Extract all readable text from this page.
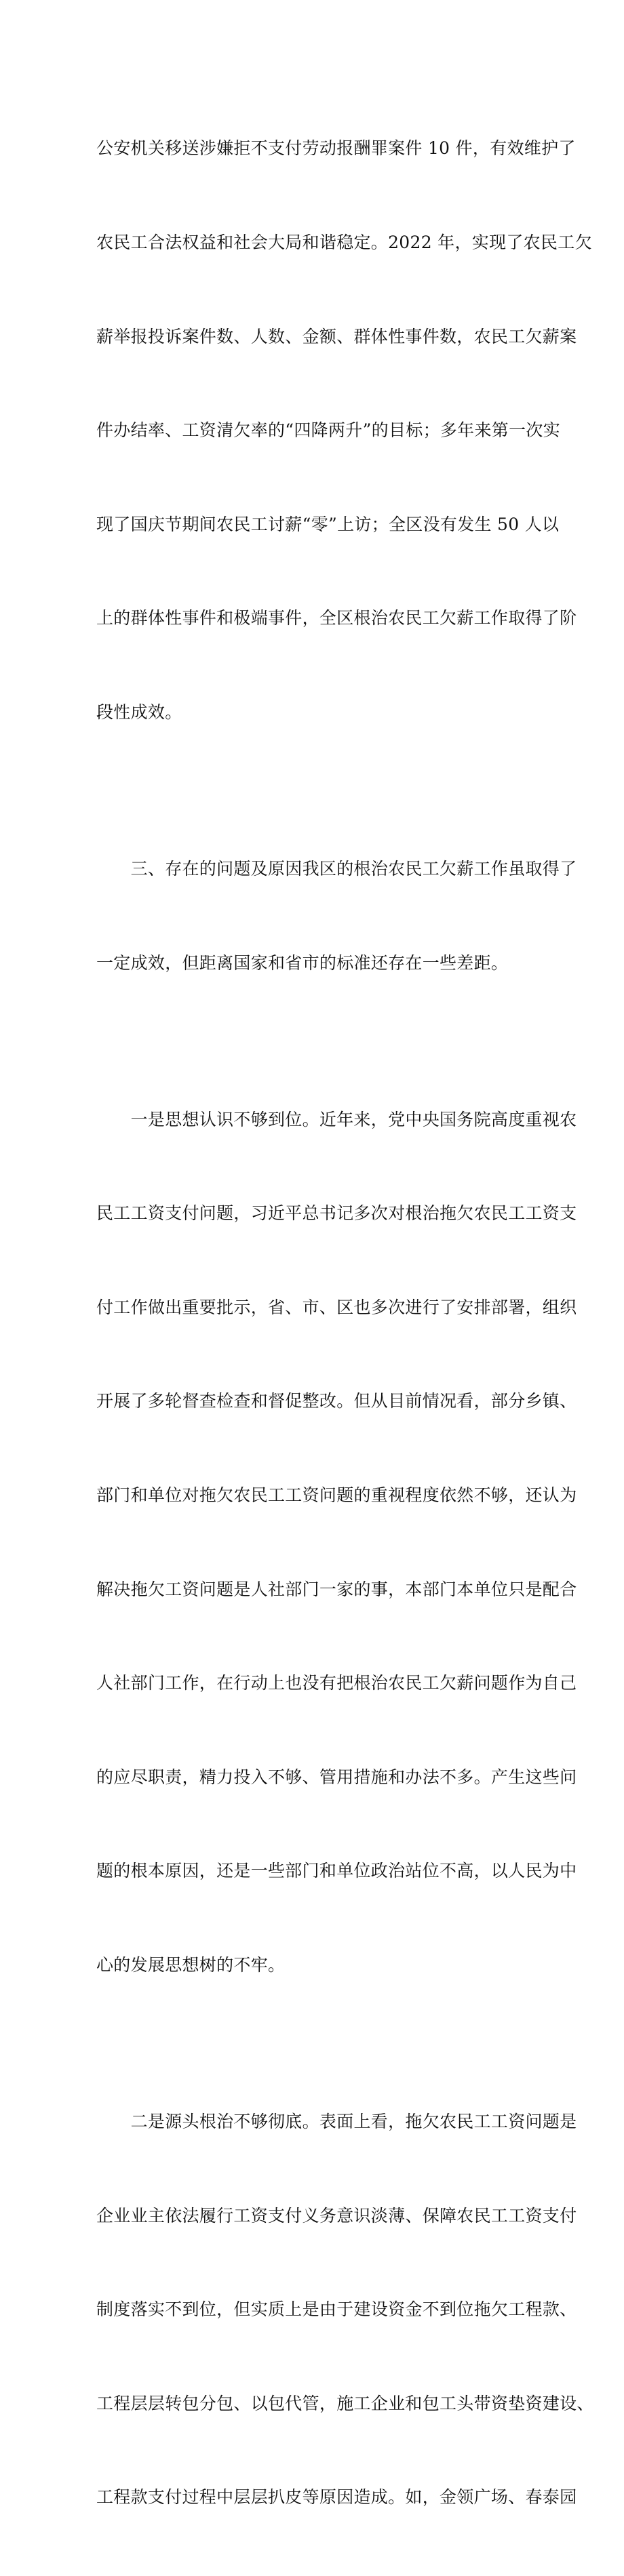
公安机关移送涉嫌拒不支付劳动报酬罪案件 10 件，有效维护了

农民工合法权益和社会大局和谐稳定。2022 年，实现了农民工欠

薪举报投诉案件数、人数、金额、群体性事件数，农民工欠薪案

件办结率、工资清欠率的“四降两升”的目标；多年来第一次实

现了国庆节期间农民工讨薪“零”上访；全区没有发生 50 人以

上的群体性事件和极端事件，全区根治农民工欠薪工作取得了阶

段性成效。

　　三、存在的问题及原因我区的根治农民工欠薪工作虽取得了

一定成效，但距离国家和省市的标准还存在一些差距。

　　一是思想认识不够到位。近年来，党中央国务院高度重视农

民工工资支付问题，习近平总书记多次对根治拖欠农民工工资支

付工作做出重要批示，省、市、区也多次进行了安排部署，组织

开展了多轮督查检查和督促整改。但从目前情况看，部分乡镇、

部门和单位对拖欠农民工工资问题的重视程度依然不够，还认为

解决拖欠工资问题是人社部门一家的事，本部门本单位只是配合

人社部门工作，在行动上也没有把根治农民工欠薪问题作为自己

的应尽职责，精力投入不够、管用措施和办法不多。产生这些问

题的根本原因，还是一些部门和单位政治站位不高，以人民为中

心的发展思想树的不牢。

　　二是源头根治不够彻底。表面上看，拖欠农民工工资问题是

企业业主依法履行工资支付义务意识淡薄、保障农民工工资支付

制度落实不到位，但实质上是由于建设资金不到位拖欠工程款、

工程层层转包分包、以包代管，施工企业和包工头带资垫资建设、

工程款支付过程中层层扒皮等原因造成。如，金领广场、春泰园
